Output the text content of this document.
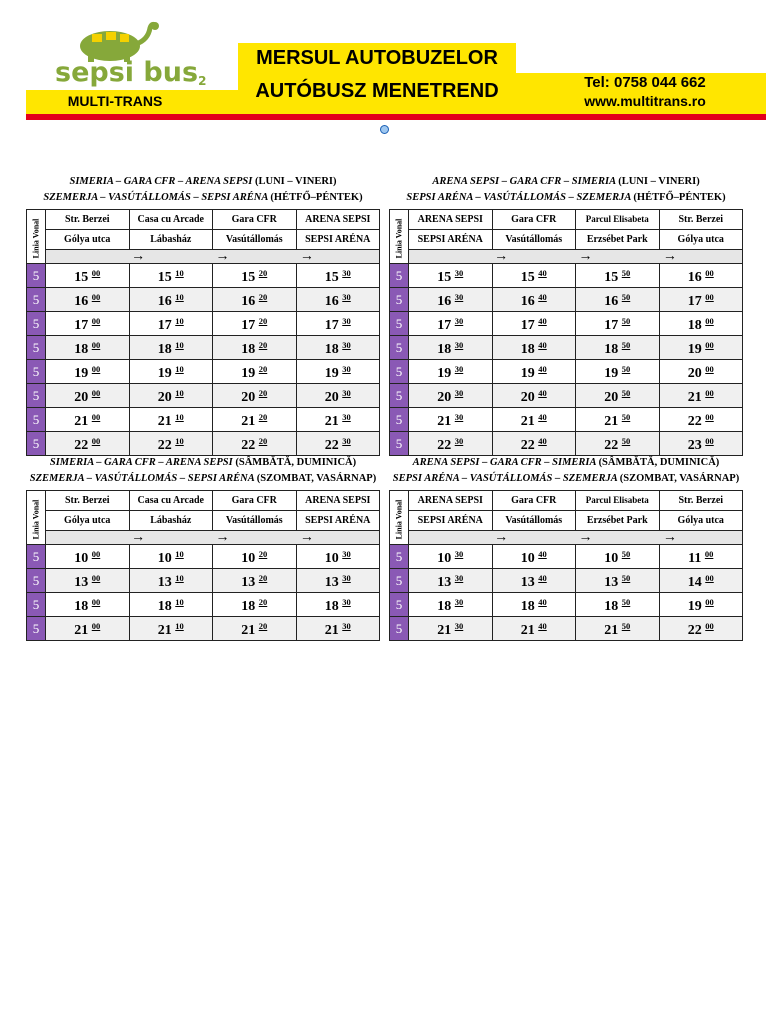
sepsi bus2
MULTI-TRANS
MERSUL AUTOBUZELOR
AUTÓBUSZ MENETREND	Tel: 0758 044 662
www.multitrans.ro
SIMERIA – GARA CFR – ARENA SEPSI (LUNI – VINERI)
SZEMERJA – VASÚTÁLLOMÁS – SEPSI ARÉNA (HÉTFŐ–PÉNTEK)
Linia Vonal	Str. Berzei	Casa cu Arcade	Gara CFR	ARENA SEPSI
	Gólya utca	Lábasház	Vasútállomás	SEPSI ARÉNA

	→ → →			

5	15 $^{00}$	15 $^{10}$	15 $^{20}$	15 $^{30}$
5	16 $^{00}$	16 $^{10}$	16 $^{20}$	16 $^{30}$
5	17 $^{00}$	17 $^{10}$	17 $^{20}$	17 $^{30}$
5	18 $^{00}$	18 $^{10}$	18 $^{20}$	18 $^{30}$
5	19 $^{00}$	19 $^{10}$	19 $^{20}$	19 $^{30}$
5	20 $^{00}$	20 $^{10}$	20 $^{20}$	20 $^{30}$
5	21 $^{00}$	21 $^{10}$	21 $^{20}$	21 $^{30}$
5	22 $^{00}$	22 $^{10}$	22 $^{20}$	22 $^{30}$
ARENA SEPSI – GARA CFR – SIMERIA (LUNI – VINERI)
SEPSI ARÉNA – VASÚTÁLLOMÁS – SZEMERJA (HÉTFŐ–PÉNTEK)
Linia Vonal	ARENA SEPSI	Gara CFR	Parcul Elisabeta	Str. Berzei
	SEPSI ARÉNA	Vasútállomás	Erzsébet Park	Gólya utca

	→ → →			

5	15 $^{30}$	15 $^{40}$	15 $^{50}$	16 $^{00}$
5	16 $^{30}$	16 $^{40}$	16 $^{50}$	17 $^{00}$
5	17 $^{30}$	17 $^{40}$	17 $^{50}$	18 $^{00}$
5	18 $^{30}$	18 $^{40}$	18 $^{50}$	19 $^{00}$
5	19 $^{30}$	19 $^{40}$	19 $^{50}$	20 $^{00}$
5	20 $^{30}$	20 $^{40}$	20 $^{50}$	21 $^{00}$
5	21 $^{30}$	21 $^{40}$	21 $^{50}$	22 $^{00}$
5	22 $^{30}$	22 $^{40}$	22 $^{50}$	23 $^{00}$
SIMERIA – GARA CFR – ARENA SEPSI (SÂMBĂTĂ, DUMINICĂ)
SZEMERJA – VASÚTÁLLOMÁS – SEPSI ARÉNA (SZOMBAT, VASÁRNAP)
Linia Vonal	Str. Berzei	Casa cu Arcade	Gara CFR	ARENA SEPSI
	Gólya utca	Lábasház	Vasútállomás	SEPSI ARÉNA

	→ → →			

5	10 $^{00}$	10 $^{10}$	10 $^{20}$	10 $^{30}$
5	13 $^{00}$	13 $^{10}$	13 $^{20}$	13 $^{30}$
5	18 $^{00}$	18 $^{10}$	18 $^{20}$	18 $^{30}$
5	21 $^{00}$	21 $^{10}$	21 $^{20}$	21 $^{30}$
ARENA SEPSI – GARA CFR – SIMERIA (SÂMBĂTĂ, DUMINICĂ)
SEPSI ARÉNA – VASÚTÁLLOMÁS – SZEMERJA (SZOMBAT, VASÁRNAP)
Linia Vonal	ARENA SEPSI	Gara CFR	Parcul Elisabeta	Str. Berzei
	SEPSI ARÉNA	Vasútállomás	Erzsébet Park	Gólya utca

	→ → →			

5	10 $^{30}$	10 $^{40}$	10 $^{50}$	11 $^{00}$
5	13 $^{30}$	13 $^{40}$	13 $^{50}$	14 $^{00}$
5	18 $^{30}$	18 $^{40}$	18 $^{50}$	19 $^{00}$
5	21 $^{30}$	21 $^{40}$	21 $^{50}$	22 $^{00}$
